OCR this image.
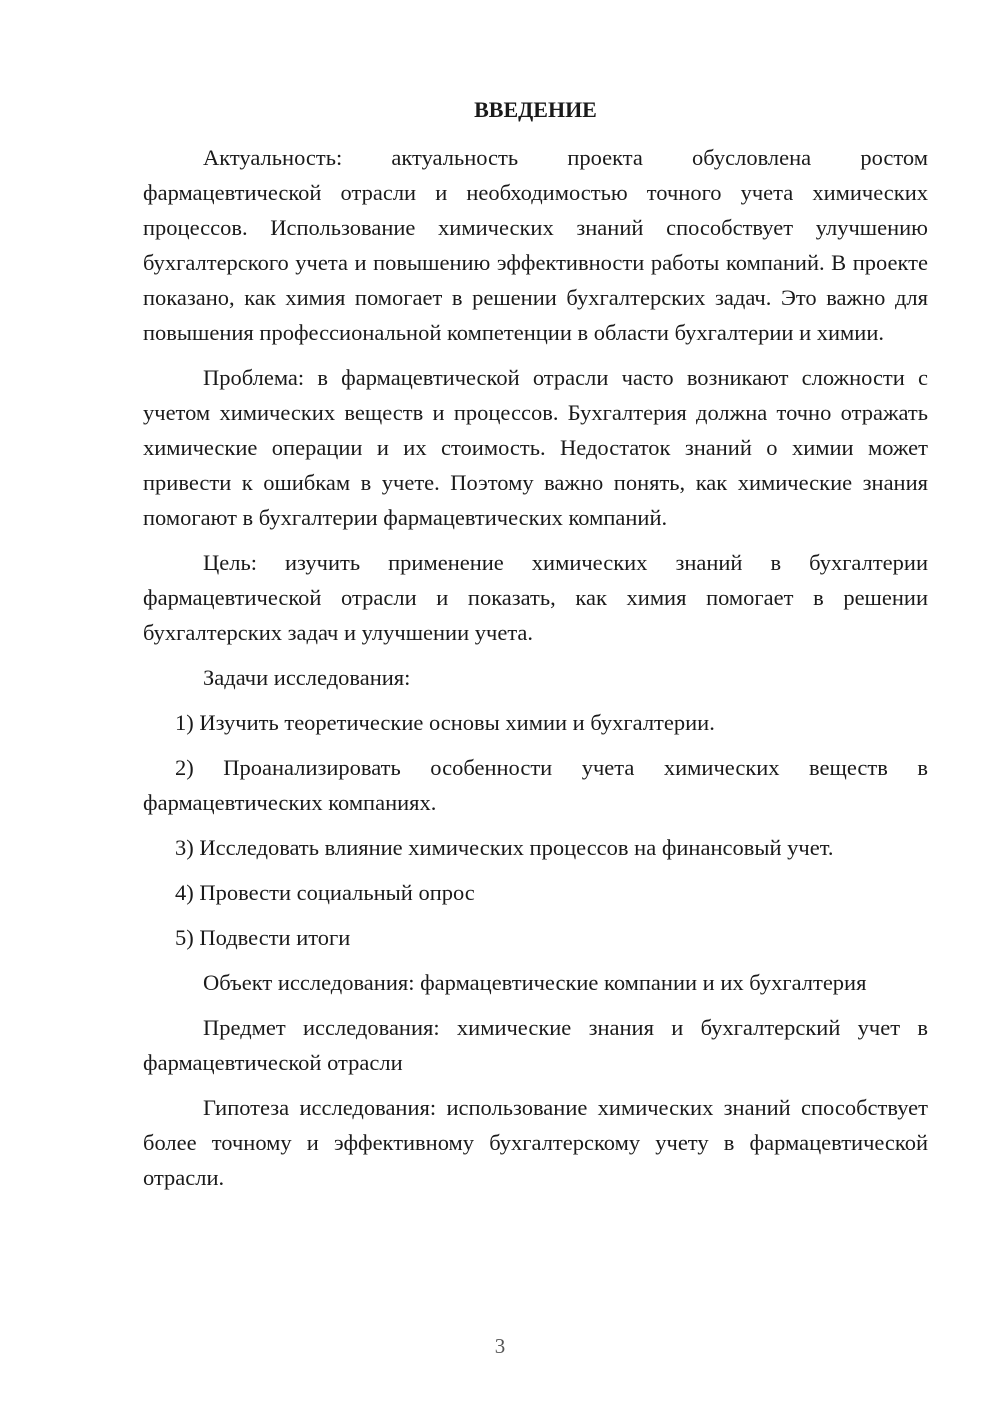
ВВЕДЕНИЕ

Актуальность: актуальность проекта обусловлена ростом фармацевтической отрасли и необходимостью точного учета химических процессов. Использование химических знаний способствует улучшению бухгалтерского учета и повышению эффективности работы компаний. В проекте показано, как химия помогает в решении бухгалтерских задач. Это важно для повышения профессиональной компетенции в области бухгалтерии и химии.

Проблема: в фармацевтической отрасли часто возникают сложности с учетом химических веществ и процессов. Бухгалтерия должна точно отражать химические операции и их стоимость. Недостаток знаний о химии может привести к ошибкам в учете. Поэтому важно понять, как химические знания помогают в бухгалтерии фармацевтических компаний.

Цель: изучить применение химических знаний в бухгалтерии фармацевтической отрасли и показать, как химия помогает в решении бухгалтерских задач и улучшении учета.

Задачи исследования:

1) Изучить теоретические основы химии и бухгалтерии.

2) Проанализировать особенности учета химических веществ в фармацевтических компаниях.

3) Исследовать влияние химических процессов на финансовый учет.

4) Провести социальный опрос

5) Подвести итоги

Объект исследования: фармацевтические компании и их бухгалтерия

Предмет исследования: химические знания и бухгалтерский учет в фармацевтической отрасли

Гипотеза исследования: использование химических знаний способствует более точному и эффективному бухгалтерскому учету в фармацевтической отрасли.

3
